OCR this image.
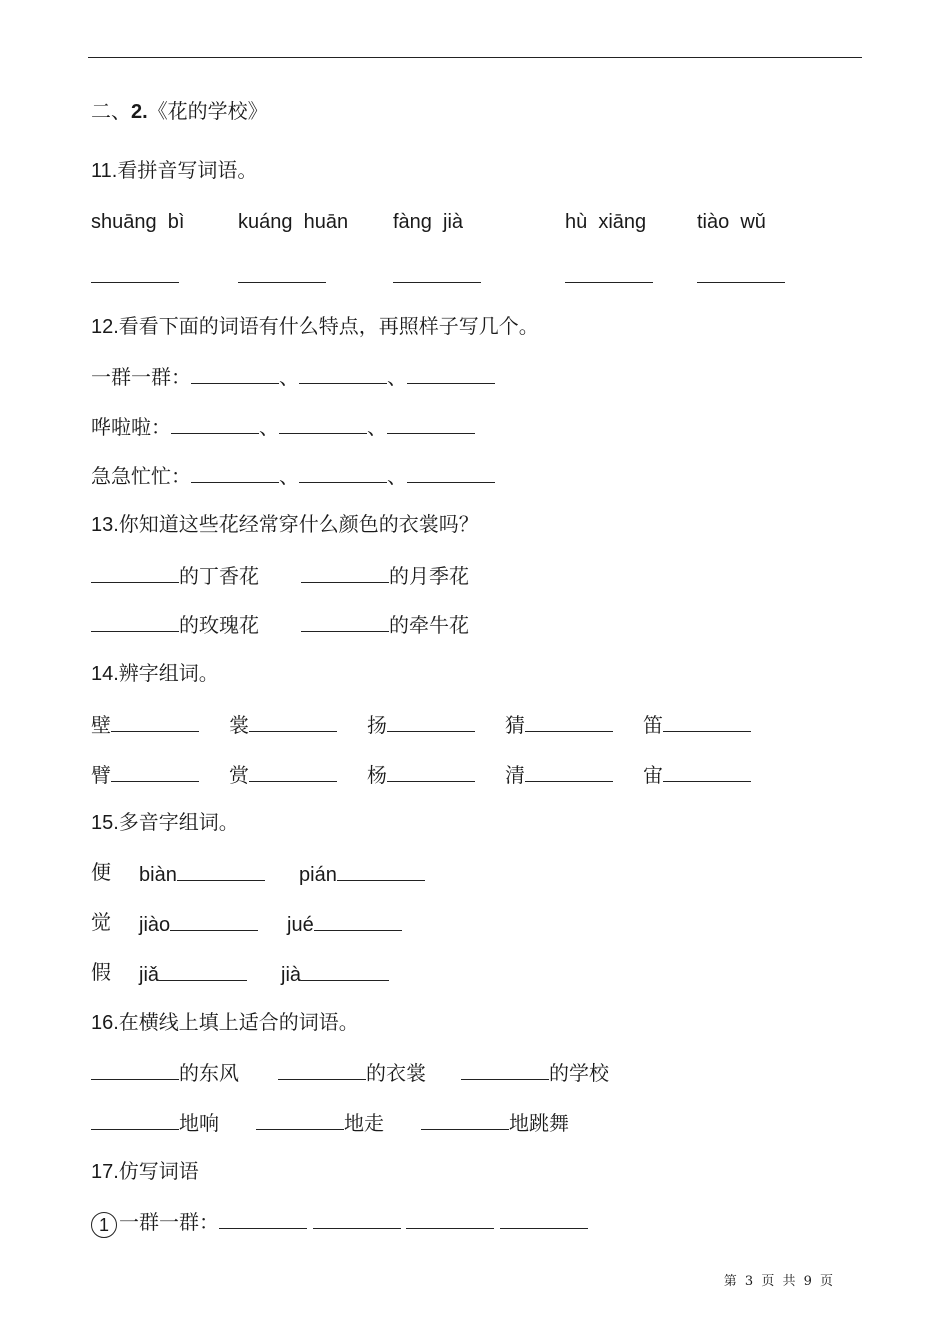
二、2.《花的学校》
11.看拼音写词语。
shuāng  bì	kuáng  huān fàng  jià	hù  xiāng	tiào  wǔ
12.看看下面的词语有什么特点，再照样子写几个。
一群一群：	、	、
哗啦啦：	、	、
急急忙忙：	、	、
13.你知道这些花经常穿什么颜色的衣裳吗？
的丁香花	的月季花
的玫瑰花	的牵牛花
14.辨字组词。
壁	裳	扬	猜	笛
臂	赏	杨	清	宙
15.多音字组词。
便 biàn	pián
觉 jiào	jué
假 jiǎ	jià
16.在横线上填上适合的词语。
的东风	的衣裳	的学校
地响	地走	地跳舞
17.仿写词语
1 一群一群：
第 3 页 共 9 页
